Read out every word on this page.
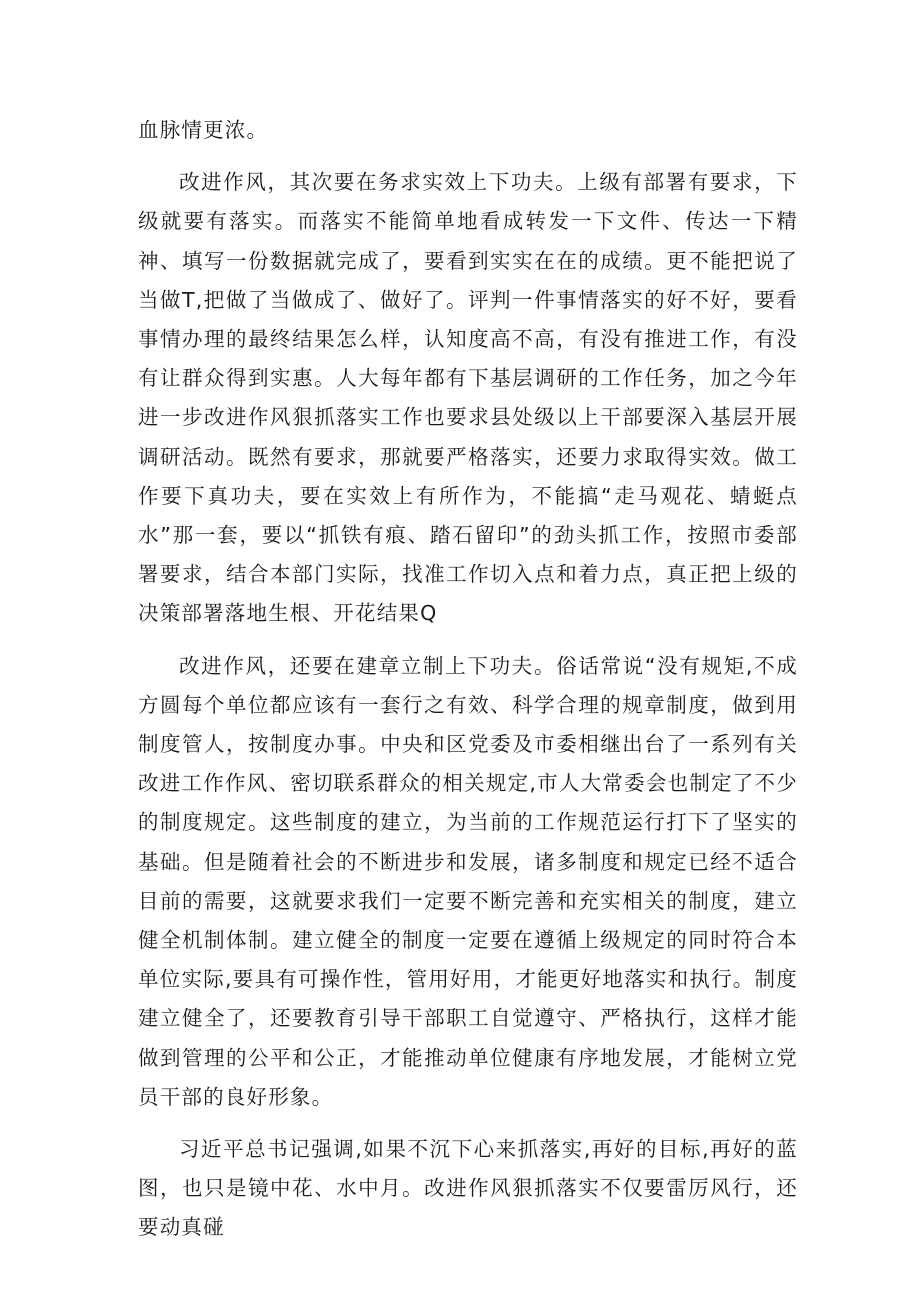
血脉情更浓。

改进作风，其次要在务求实效上下功夫。上级有部署有要求，下级就要有落实。而落实不能简单地看成转发一下文件、传达一下精神、填写一份数据就完成了，要看到实实在在的成绩。更不能把说了当做T,把做了当做成了、做好了。评判一件事情落实的好不好，要看事情办理的最终结果怎么样，认知度高不高，有没有推进工作，有没有让群众得到实惠。人大每年都有下基层调研的工作任务，加之今年进一步改进作风狠抓落实工作也要求县处级以上干部要深入基层开展调研活动。既然有要求，那就要严格落实，还要力求取得实效。做工作要下真功夫，要在实效上有所作为，不能搞“走马观花、蜻蜓点水”那一套，要以“抓铁有痕、踏石留印”的劲头抓工作，按照市委部署要求，结合本部门实际，找准工作切入点和着力点，真正把上级的决策部署落地生根、开花结果Q

改进作风，还要在建章立制上下功夫。俗话常说“没有规矩,不成方圆每个单位都应该有一套行之有效、科学合理的规章制度，做到用制度管人，按制度办事。中央和区党委及市委相继出台了一系列有关改进工作作风、密切联系群众的相关规定,市人大常委会也制定了不少的制度规定。这些制度的建立，为当前的工作规范运行打下了坚实的基础。但是随着社会的不断进步和发展，诸多制度和规定已经不适合目前的需要，这就要求我们一定要不断完善和充实相关的制度，建立健全机制体制。建立健全的制度一定要在遵循上级规定的同时符合本单位实际,要具有可操作性，管用好用，才能更好地落实和执行。制度建立健全了，还要教育引导干部职工自觉遵守、严格执行，这样才能做到管理的公平和公正，才能推动单位健康有序地发展，才能树立党员干部的良好形象。

习近平总书记强调,如果不沉下心来抓落实,再好的目标,再好的蓝图，也只是镜中花、水中月。改进作风狠抓落实不仅要雷厉风行，还要动真碰
